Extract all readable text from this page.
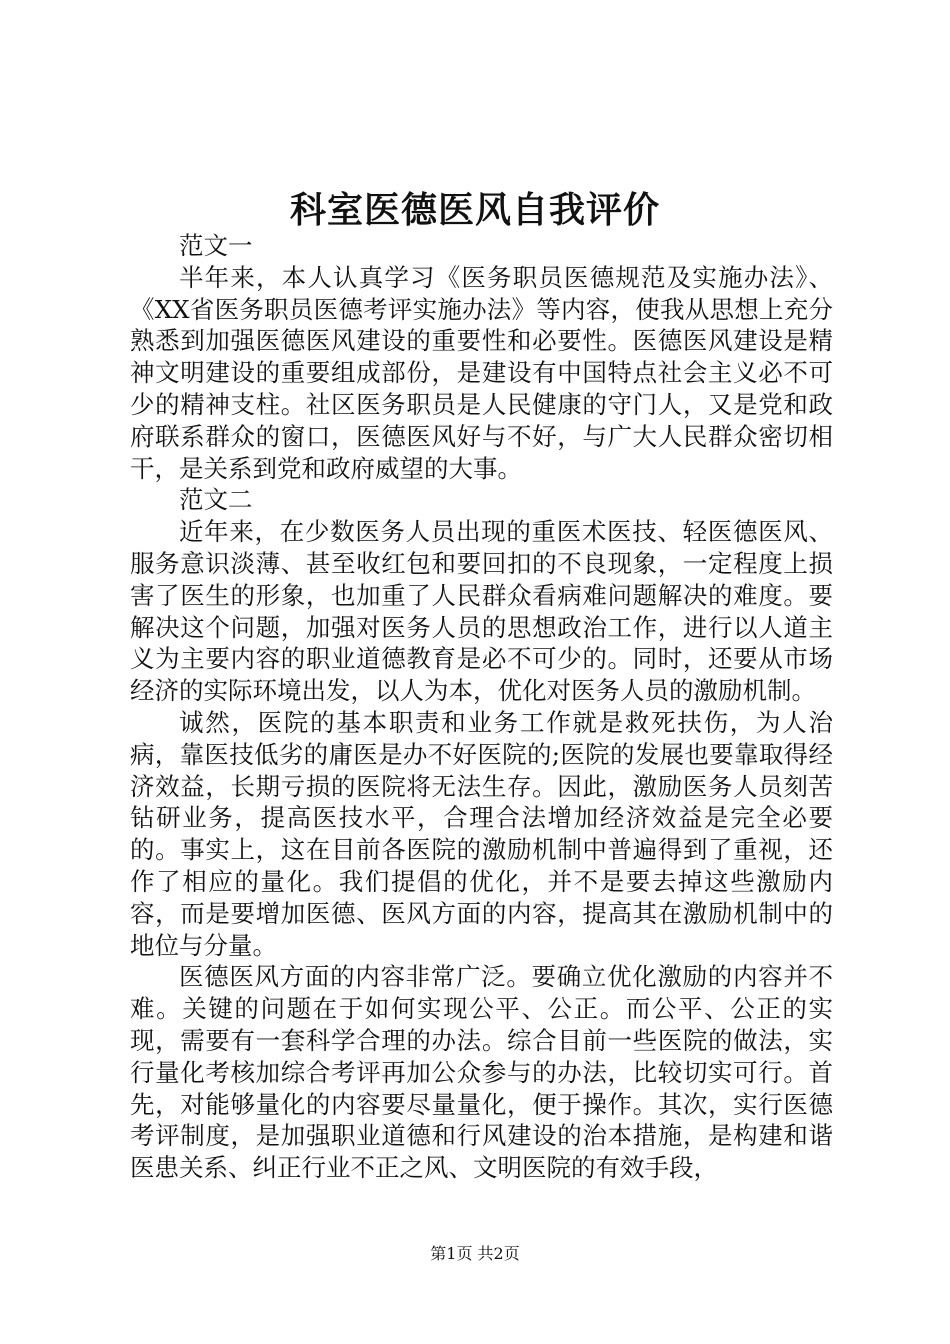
科室医德医风自我评价

范文一

半年来，本人认真学习《医务职员医德规范及实施办法》、《XX省医务职员医德考评实施办法》等内容，使我从思想上充分熟悉到加强医德医风建设的重要性和必要性。医德医风建设是精神文明建设的重要组成部份，是建设有中国特点社会主义必不可少的精神支柱。社区医务职员是人民健康的守门人，又是党和政府联系群众的窗口，医德医风好与不好，与广大人民群众密切相干，是关系到党和政府威望的大事。

范文二

近年来，在少数医务人员出现的重医术医技、轻医德医风、服务意识淡薄、甚至收红包和要回扣的不良现象，一定程度上损害了医生的形象，也加重了人民群众看病难问题解决的难度。要解决这个问题，加强对医务人员的思想政治工作，进行以人道主义为主要内容的职业道德教育是必不可少的。同时，还要从市场经济的实际环境出发，以人为本，优化对医务人员的激励机制。

诚然，医院的基本职责和业务工作就是救死扶伤，为人治病，靠医技低劣的庸医是办不好医院的;医院的发展也要靠取得经济效益，长期亏损的医院将无法生存。因此，激励医务人员刻苦钻研业务，提高医技水平，合理合法增加经济效益是完全必要的。事实上，这在目前各医院的激励机制中普遍得到了重视，还作了相应的量化。我们提倡的优化，并不是要去掉这些激励内容，而是要增加医德、医风方面的内容，提高其在激励机制中的地位与分量。

医德医风方面的内容非常广泛。要确立优化激励的内容并不难。关键的问题在于如何实现公平、公正。而公平、公正的实现，需要有一套科学合理的办法。综合目前一些医院的做法，实行量化考核加综合考评再加公众参与的办法，比较切实可行。首先，对能够量化的内容要尽量量化，便于操作。其次，实行医德考评制度，是加强职业道德和行风建设的治本措施，是构建和谐医患关系、纠正行业不正之风、文明医院的有效手段，

第1页 共2页
